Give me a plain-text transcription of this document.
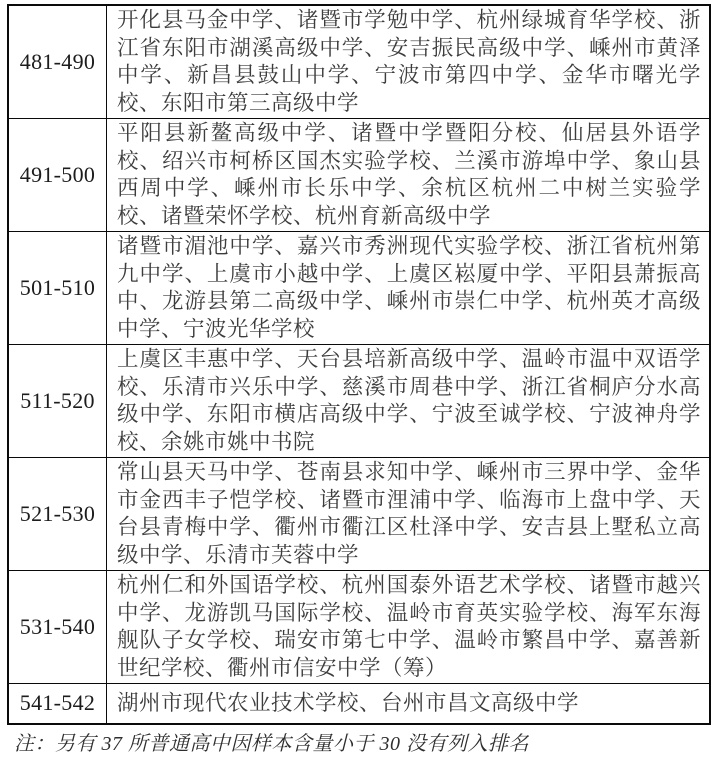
481-490	开化县马金中学、诸暨市学勉中学、杭州绿城育华学校、浙江省东阳市湖溪高级中学、安吉振民高级中学、嵊州市黄泽中学、新昌县鼓山中学、宁波市第四中学、金华市曙光学校、东阳市第三高级中学
491-500	平阳县新鳌高级中学、诸暨中学暨阳分校、仙居县外语学校、绍兴市柯桥区国杰实验学校、兰溪市游埠中学、象山县西周中学、嵊州市长乐中学、余杭区杭州二中树兰实验学校、诸暨荣怀学校、杭州育新高级中学
501-510	诸暨市湄池中学、嘉兴市秀洲现代实验学校、浙江省杭州第九中学、上虞市小越中学、上虞区崧厦中学、平阳县萧振高中、龙游县第二高级中学、嵊州市崇仁中学、杭州英才高级中学、宁波光华学校
511-520	上虞区丰惠中学、天台县培新高级中学、温岭市温中双语学校、乐清市兴乐中学、慈溪市周巷中学、浙江省桐庐分水高级中学、东阳市横店高级中学、宁波至诚学校、宁波神舟学校、余姚市姚中书院
521-530	常山县天马中学、苍南县求知中学、嵊州市三界中学、金华市金西丰子恺学校、诸暨市浬浦中学、临海市上盘中学、天台县青梅中学、衢州市衢江区杜泽中学、安吉县上墅私立高级中学、乐清市芙蓉中学
531-540	杭州仁和外国语学校、杭州国泰外语艺术学校、诸暨市越兴中学、龙游凯马国际学校、温岭市育英实验学校、海军东海舰队子女学校、瑞安市第七中学、温岭市繁昌中学、嘉善新世纪学校、衢州市信安中学（筹）
541-542	湖州市现代农业技术学校、台州市昌文高级中学
注：另有 37 所普通高中因样本含量小于 30 没有列入排名
